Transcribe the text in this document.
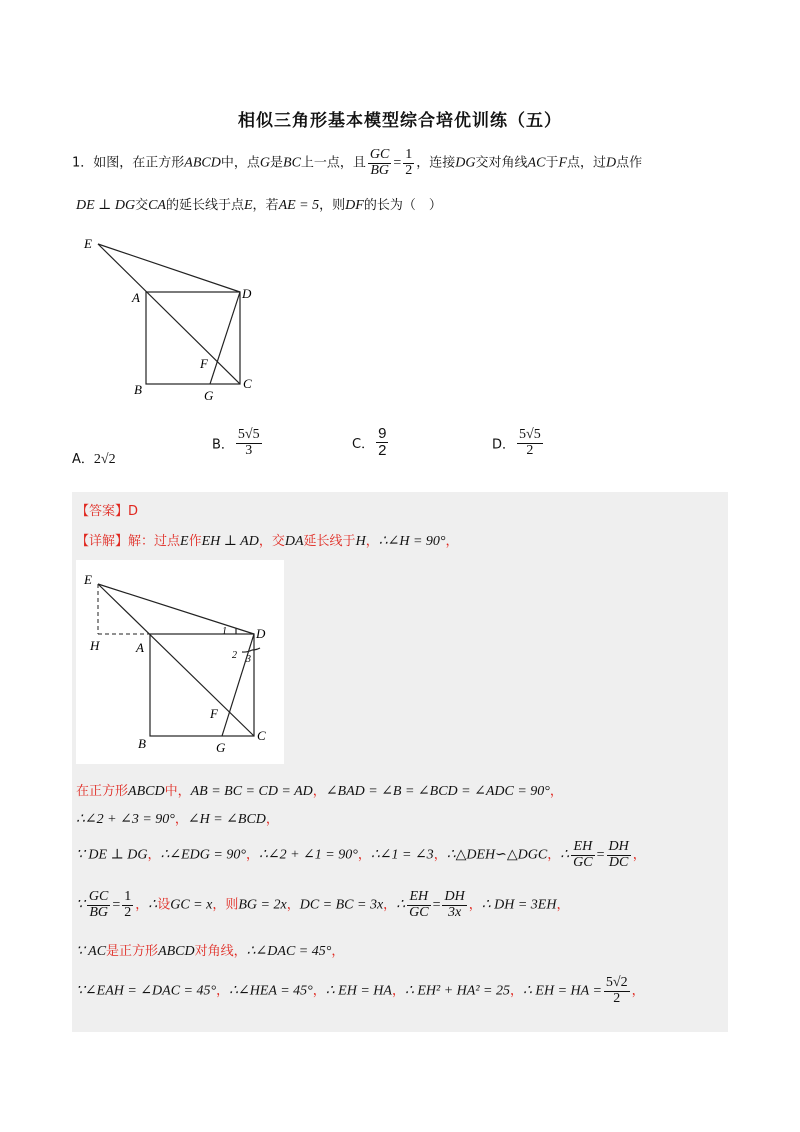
相似三角形基本模型综合培优训练（五）
1．如图，在正方形ABCD中，点G是BC上一点，且 $\frac{GC}{BG} = \frac{1}{2}$ ，连接DG交对角线AC于F点，过D点作
DE ⊥ DG交CA的延长线于点E，若AE = 5，则DF的长为（　）
E
A	D
F
B	C
G
A．2√2
B． $\frac{5√5}{3}$	C． $\frac{9}{2}$	D． $\frac{5√5}{2}$
【答案】D
【详解】解：过点E作EH ⊥ AD，交DA延长线于H，∴∠H = 90°，
E
H	A
D
1
2 3
F
B	G
C
在正方形ABCD中，AB = BC = CD = AD，∠BAD = ∠B = ∠BCD = ∠ADC = 90°，
∴∠2 + ∠3 = 90°，∠H = ∠BCD，
∵ DE ⊥ DG，∴∠EDG = 90°，∴∠2 + ∠1 = 90°，∴∠1 = ∠3，∴△DEH∽△DGC，∴ $\frac{EH}{GC} = \frac{DH}{DC}$ ，
∵ $\frac{GC}{BG} = \frac{1}{2}$ ，∴设GC = x，则BG = 2x，DC = BC = 3x，∴ $\frac{EH}{GC} = \frac{DH}{3x}$ ，∴ DH = 3EH，
∵ AC是正方形ABCD对角线，∴∠DAC = 45°，
∵∠EAH = ∠DAC = 45°，∴∠HEA = 45°，∴ EH = HA，∴ EH² + HA² = 25，∴ EH = HA = $\frac{5√2}{2}$ ，
